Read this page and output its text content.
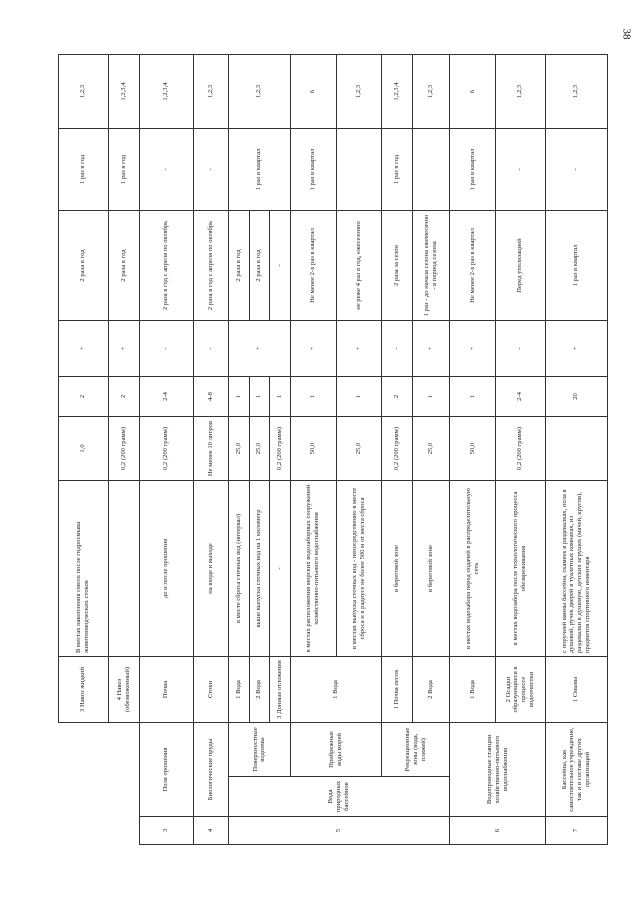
38
			3 Навоз жидкий	В местах накопления смеси после гидросмыва животноводческих стоков	1,0	2	+	2 раза в год	1 раз в год	1,2,3
			4 Навоз (обезвоженный)		0,2 (200 грамм)	2	+	2 раза в год	1 раз в год	1,2,3,4
3	Поля орошения		Почва	до и после орошения	0,2 (200 грамм)	2-4	-	2 раза в год с апреля по октябрь	-	1,2,3,4
4	Биологические пруды		Стоки	на входе и выходе	Не менее 10 литров	4-8	-	2 раза в год с апреля по октябрь	-	1,2,3
5	Вода природных бассейнов	Поверхностные водоемы	1 Вода	в месте сброса сточных вод (интервал)	25,0	1	+	2 раза в год	1 раз в квартал	1,2,3
			2 Вода	выше выпуска сточных вод на 1 километр	25,0	1		2 раза в год		
			3 Донные отложения	-	0,2 (200 грамм)	1		-		
		Прибрежные воды морей	1 Вода	в местах расположения морских водозаборных сооружений хозяйственно-питьевого водоснабжения	50,0	1	+	Не менее 2-х раз в квартал	1 раз в квартал	6
				в местах выпуска сточных вод - непосредственно в месте сброса и в радиусе не более 500 м от места сброса	25,0	1	+	не реже 4 раз в год, ежесезонно		1,2,3
		Рекреационные зоны (вода, пляжей)	1 Почва песок	в береговой зоне	0,2 (200 грамм)	2	-	2 раза за сезон	1 раз в год	1,2,3,4
			2 Вода	в береговой зоне	25,0	1	+	1 раз - до начала сезона ежемесячно - в период сезона		1,2,3
6	Водопроводные станции хозяйственно-питьевого водоснабжения		1 Вода	в местах водозабора перед подачей в распределительную сеть	50,0	1	+	Не менее 2-х раз в квартал	1 раз в квартал	6
			2 Осадки образующиеся в процессе водоочистки	в местах водозабора после технологического процесса обезвреживания	0,2 (200 грамм)	2-4	-	Перед утилизацией	-	1,2,3
7	Бассейны, как самостоятельное учреждение, так и в составе других организаций		1 Смывы	с поручней ванны бассейна, скамеек в раздевалках, пола в душевой, ручек дверей в туалетных комнатах, из раздевалки в душевую, детских игрушек (мячей, кругов), предметов спортивного инвентаря		20	+	1 раз в квартал	-	1,2,3
